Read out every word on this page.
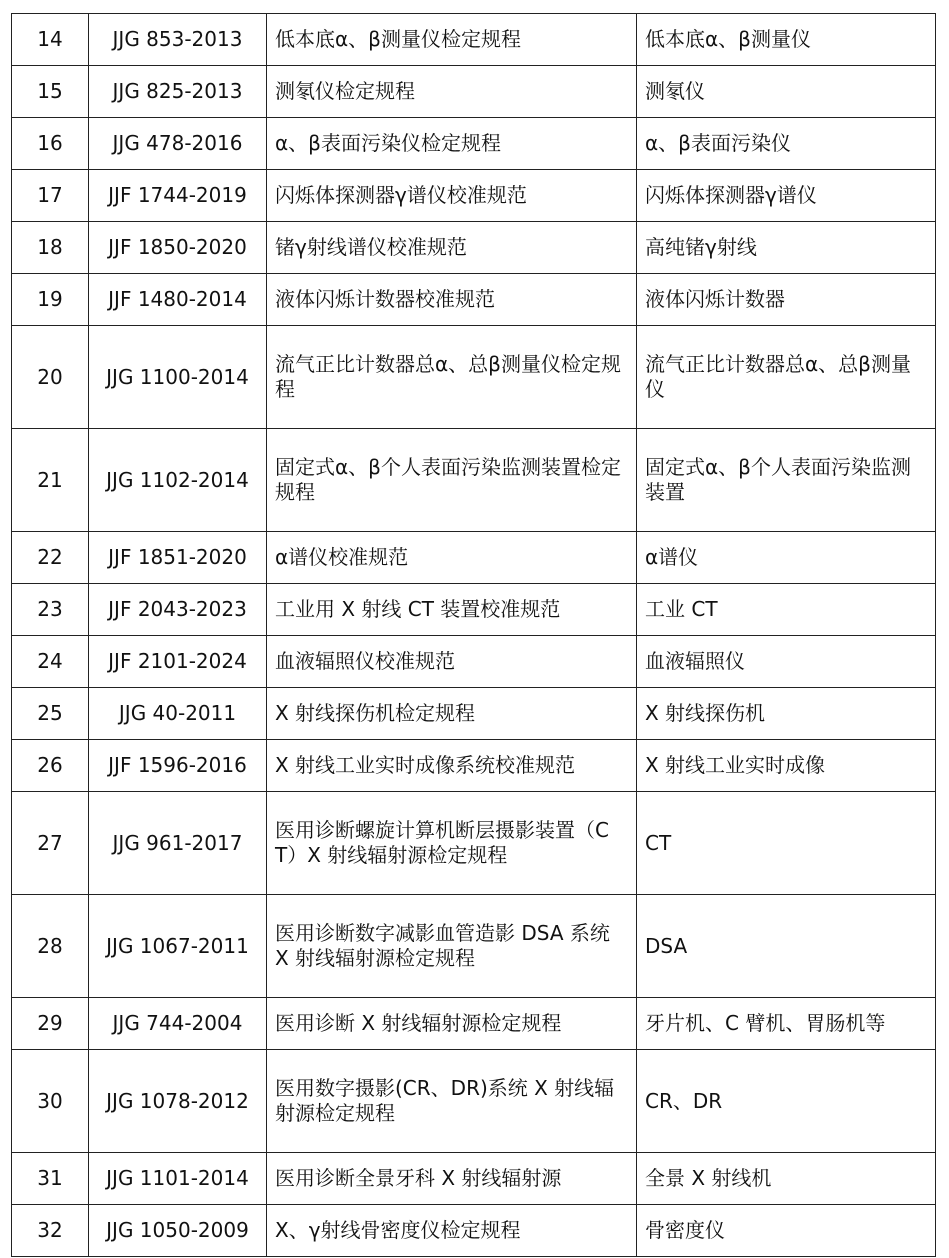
14	JJG 853-2013	低本底α、β测量仪检定规程	低本底α、β测量仪
15	JJG 825-2013	测氡仪检定规程	测氡仪
16	JJG 478-2016	α、β表面污染仪检定规程	α、β表面污染仪
17	JJF 1744-2019	闪烁体探测器γ谱仪校准规范	闪烁体探测器γ谱仪
18	JJF 1850-2020	锗γ射线谱仪校准规范	高纯锗γ射线
19	JJF 1480-2014	液体闪烁计数器校准规范	液体闪烁计数器
20	JJG 1100-2014	流气正比计数器总α、总β测量仪检定规程	流气正比计数器总α、总β测量仪
21	JJG 1102-2014	固定式α、β个人表面污染监测装置检定规程	固定式α、β个人表面污染监测装置
22	JJF 1851-2020	α谱仪校准规范	α谱仪
23	JJF 2043-2023	工业用 X 射线 CT 装置校准规范	工业 CT
24	JJF 2101-2024	血液辐照仪校准规范	血液辐照仪
25	JJG 40-2011	X 射线探伤机检定规程	X 射线探伤机
26	JJF 1596-2016	X 射线工业实时成像系统校准规范	X 射线工业实时成像
27	JJG 961-2017	医用诊断螺旋计算机断层摄影装置（CT）X 射线辐射源检定规程	CT
28	JJG 1067-2011	医用诊断数字减影血管造影 DSA 系统 X 射线辐射源检定规程	DSA
29	JJG 744-2004	医用诊断 X 射线辐射源检定规程	牙片机、C 臂机、胃肠机等
30	JJG 1078-2012	医用数字摄影(CR、DR)系统 X 射线辐射源检定规程	CR、DR
31	JJG 1101-2014	医用诊断全景牙科 X 射线辐射源	全景 X 射线机
32	JJG 1050-2009	X、γ射线骨密度仪检定规程	骨密度仪
